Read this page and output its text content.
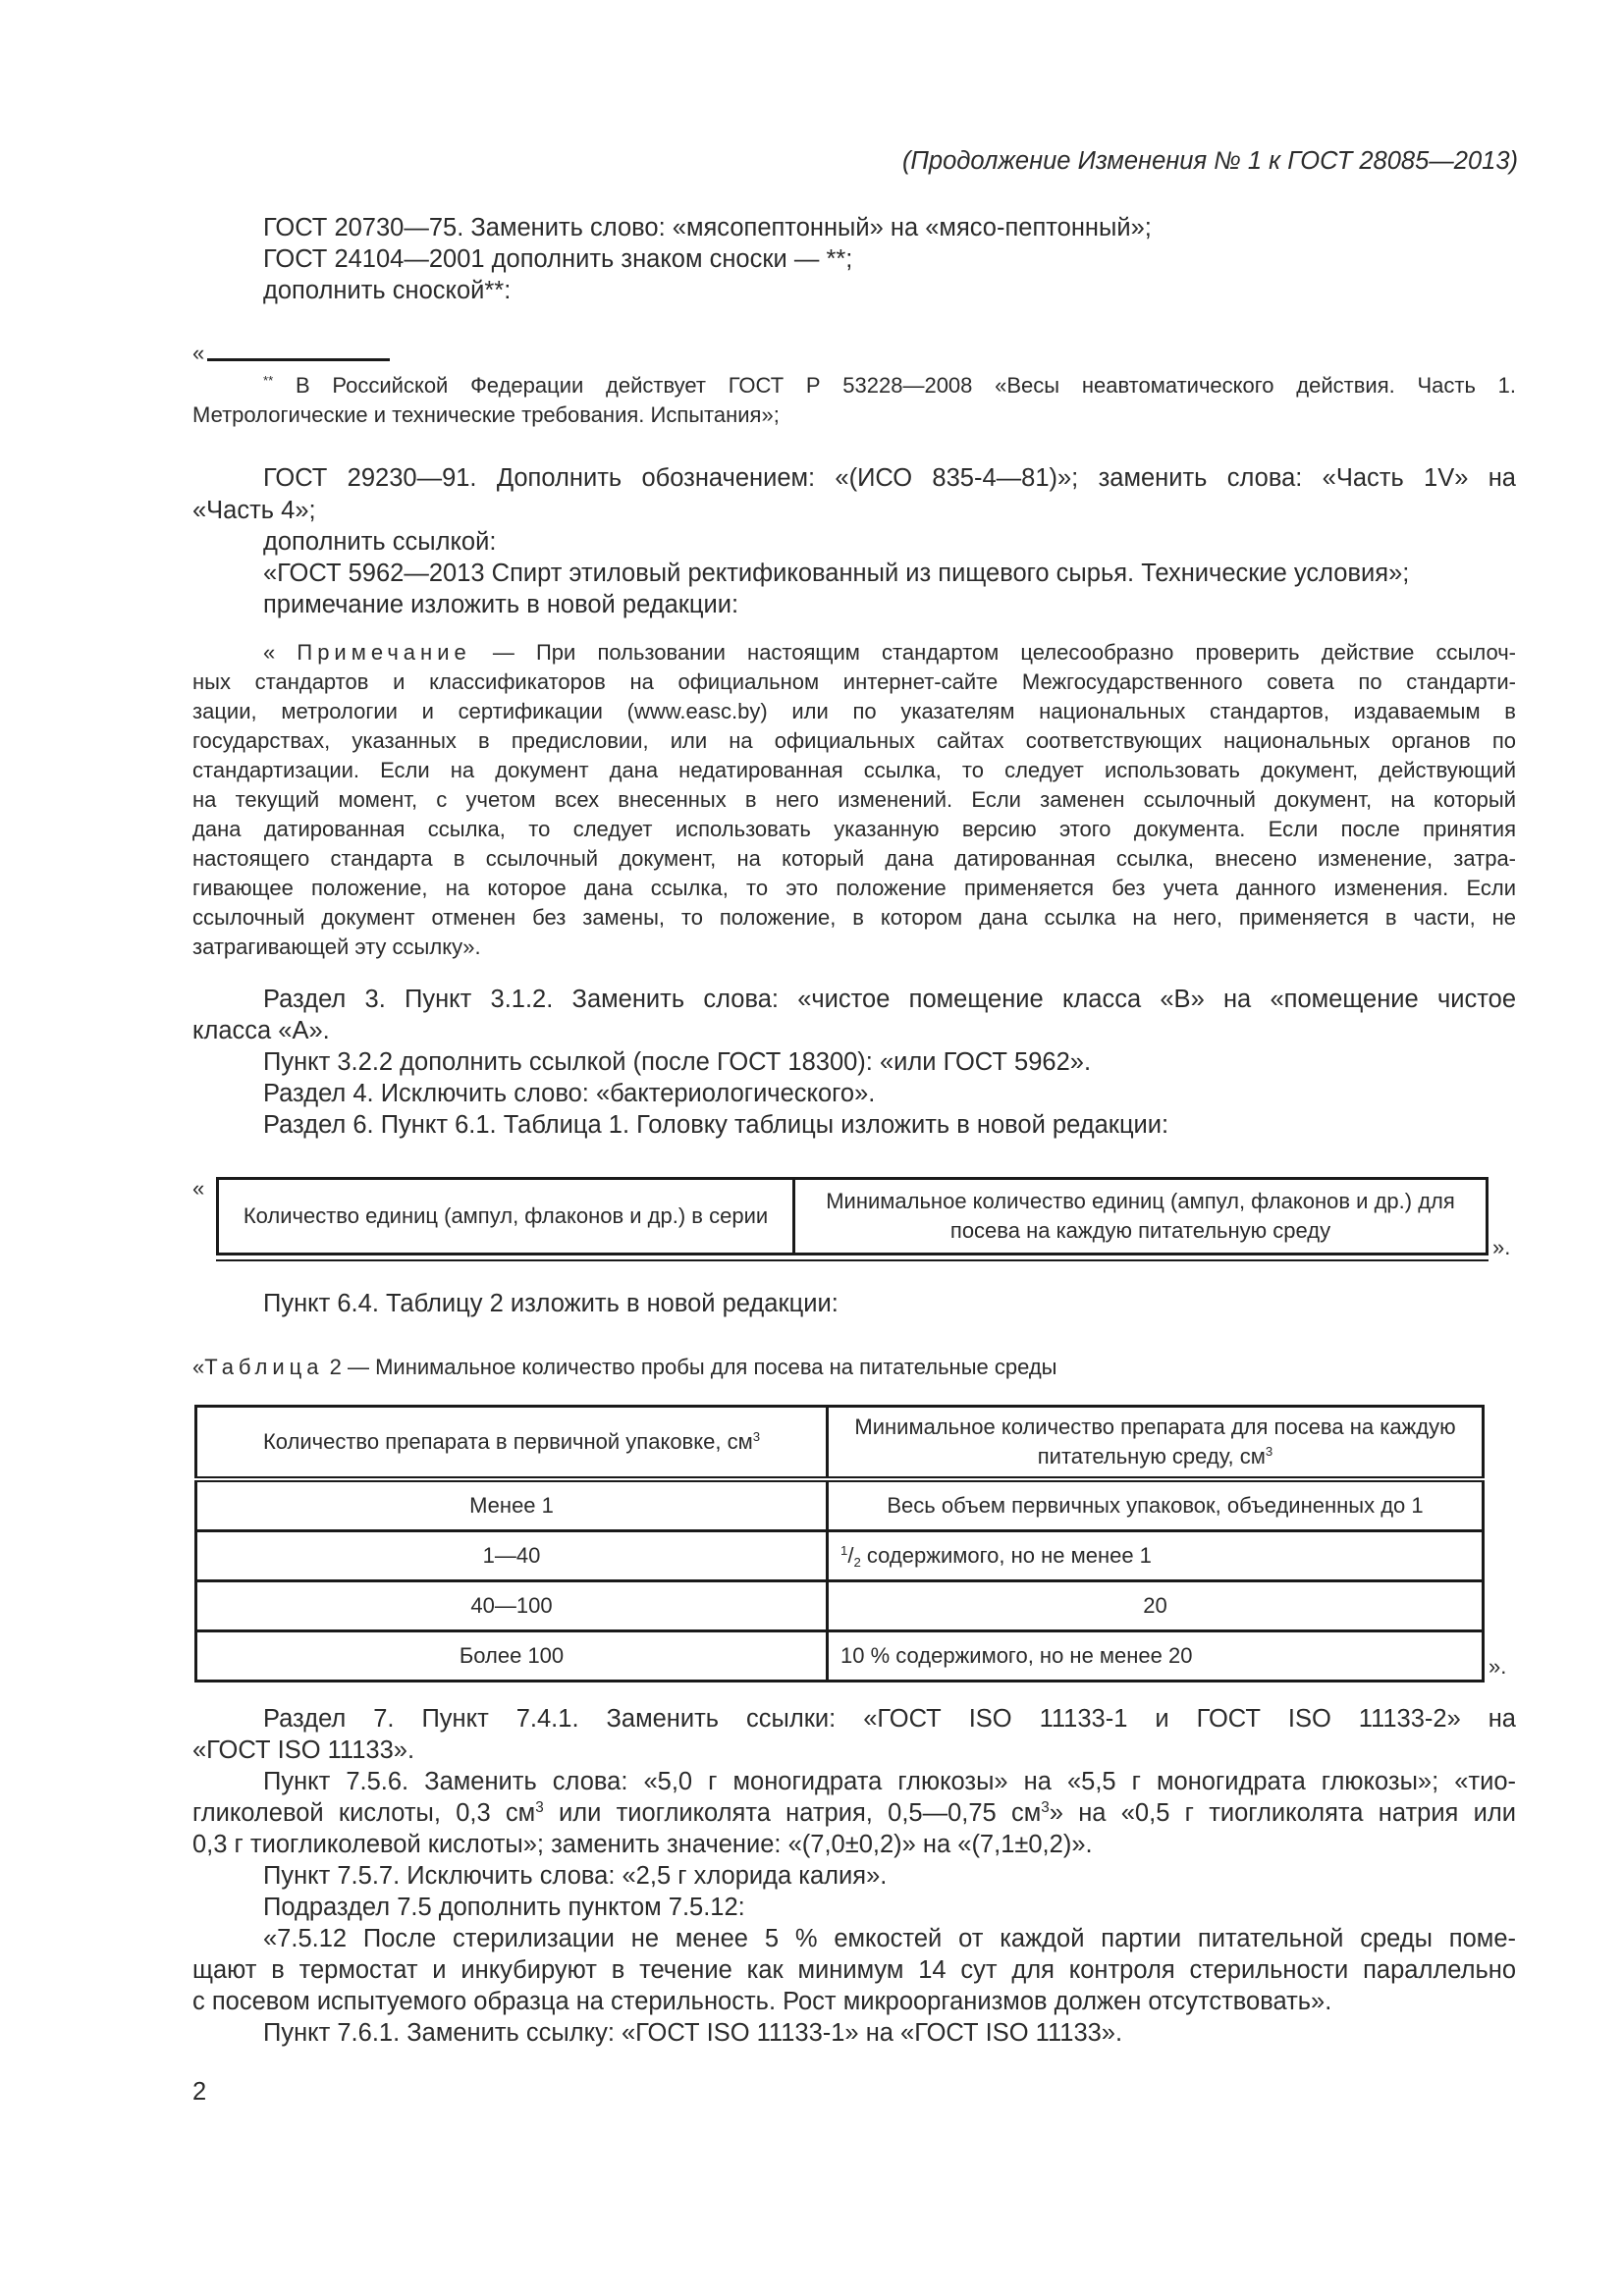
(Продолжение Изменения № 1 к ГОСТ 28085—2013)
ГОСТ 20730—75. Заменить слово: «мясопептонный» на «мясо-пептонный»;
ГОСТ 24104—2001 дополнить знаком сноски — **;
дополнить сноской**:
«
** В Российской Федерации действует ГОСТ Р 53228—2008 «Весы неавтоматического действия. Часть 1.
Метрологические и технические требования. Испытания»;
ГОСТ 29230—91. Дополнить обозначением: «(ИСО 835-4—81)»; заменить слова: «Часть 1V» на
«Часть 4»;
дополнить ссылкой:
«ГОСТ 5962—2013 Спирт этиловый ректификованный из пищевого сырья. Технические условия»;
примечание изложить в новой редакции:
« Примечание — При пользовании настоящим стандартом целесообразно проверить действие ссылоч-
ных стандартов и классификаторов на официальном интернет-сайте Межгосударственного совета по стандарти-
зации, метрологии и сертификации (www.easc.by) или по указателям национальных стандартов, издаваемым в
государствах, указанных в предисловии, или на официальных сайтах соответствующих национальных органов по
стандартизации. Если на документ дана недатированная ссылка, то следует использовать документ, действующий
на текущий момент, с учетом всех внесенных в него изменений. Если заменен ссылочный документ, на который
дана датированная ссылка, то следует использовать указанную версию этого документа. Если после принятия
настоящего стандарта в ссылочный документ, на который дана датированная ссылка, внесено изменение, затра-
гивающее положение, на которое дана ссылка, то это положение применяется без учета данного изменения. Если
ссылочный документ отменен без замены, то положение, в котором дана ссылка на него, применяется в части, не
затрагивающей эту ссылку».
Раздел 3. Пункт 3.1.2. Заменить слова: «чистое помещение класса «В» на «помещение чистое
класса «А».
Пункт 3.2.2 дополнить ссылкой (после ГОСТ 18300): «или ГОСТ 5962».
Раздел 4. Исключить слово: «бактериологического».
Раздел 6. Пункт 6.1. Таблица 1. Головку таблицы изложить в новой редакции:
«
Количество единиц (ампул, флаконов и др.) в серии	Минимальное количество единиц (ампул, флаконов и др.) для посева на каждую питательную среду
».
Пункт 6.4. Таблицу 2 изложить в новой редакции:
«Таблица 2 — Минимальное количество пробы для посева на питательные среды
Количество препарата в первичной упаковке, $см^3$	Минимальное количество препарата для посева на каждую
питательную среду, $см^3$
Менее 1	Весь объем первичных упаковок, объединенных до 1
1—40	$^1/_2$ содержимого, но не менее 1
40—100	20
Более 100	10 % содержимого, но не менее 20	».
Раздел 7. Пункт 7.4.1. Заменить ссылки: «ГОСТ ISO 11133-1 и ГОСТ ISO 11133-2» на
«ГОСТ ISO 11133».
Пункт 7.5.6. Заменить слова: «5,0 г моногидрата глюкозы» на «5,5 г моногидрата глюкозы»; «тио-
гликолевой кислоты, 0,3 $см^3$ или тиогликолята натрия, 0,5—0,75 $см^3$» на «0,5 г тиогликолята натрия или
0,3 г тиогликолевой кислоты»; заменить значение: «(7,0±0,2)» на «(7,1±0,2)».
Пункт 7.5.7. Исключить слова: «2,5 г хлорида калия».
Подраздел 7.5 дополнить пунктом 7.5.12:
«7.5.12 После стерилизации не менее 5 % емкостей от каждой партии питательной среды поме-
щают в термостат и инкубируют в течение как минимум 14 сут для контроля стерильности параллельно
с посевом испытуемого образца на стерильность. Рост микроорганизмов должен отсутствовать».
Пункт 7.6.1. Заменить ссылку: «ГОСТ ISO 11133-1» на «ГОСТ ISO 11133».
2
